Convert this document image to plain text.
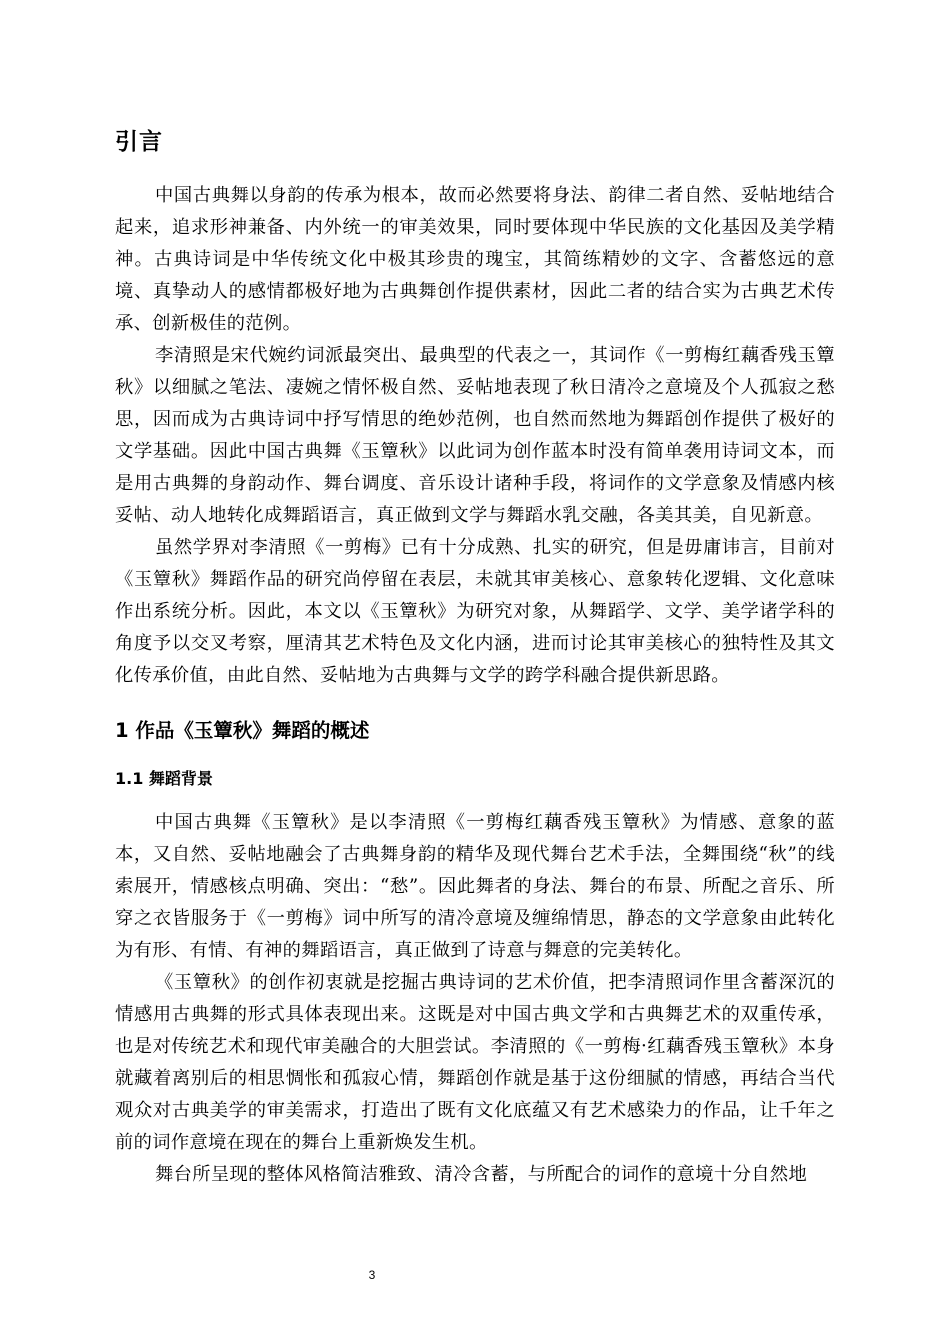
引言

中国古典舞以身韵的传承为根本，故而必然要将身法、韵律二者自然、妥帖地结合起来，追求形神兼备、内外统一的审美效果，同时要体现中华民族的文化基因及美学精神。古典诗词是中华传统文化中极其珍贵的瑰宝，其简练精妙的文字、含蓄悠远的意境、真挚动人的感情都极好地为古典舞创作提供素材，因此二者的结合实为古典艺术传承、创新极佳的范例。

李清照是宋代婉约词派最突出、最典型的代表之一，其词作《一剪梅红藕香残玉簟秋》以细腻之笔法、凄婉之情怀极自然、妥帖地表现了秋日清冷之意境及个人孤寂之愁思，因而成为古典诗词中抒写情思的绝妙范例，也自然而然地为舞蹈创作提供了极好的文学基础。因此中国古典舞《玉簟秋》以此词为创作蓝本时没有简单袭用诗词文本，而是用古典舞的身韵动作、舞台调度、音乐设计诸种手段，将词作的文学意象及情感内核妥帖、动人地转化成舞蹈语言，真正做到文学与舞蹈水乳交融，各美其美，自见新意。

虽然学界对李清照《一剪梅》已有十分成熟、扎实的研究，但是毋庸讳言，目前对《玉簟秋》舞蹈作品的研究尚停留在表层，未就其审美核心、意象转化逻辑、文化意味作出系统分析。因此，本文以《玉簟秋》为研究对象，从舞蹈学、文学、美学诸学科的角度予以交叉考察，厘清其艺术特色及文化内涵，进而讨论其审美核心的独特性及其文化传承价值，由此自然、妥帖地为古典舞与文学的跨学科融合提供新思路。

1 作品《玉簟秋》舞蹈的概述
1.1 舞蹈背景

中国古典舞《玉簟秋》是以李清照《一剪梅红藕香残玉簟秋》为情感、意象的蓝本，又自然、妥帖地融会了古典舞身韵的精华及现代舞台艺术手法，全舞围绕“秋”的线索展开，情感核点明确、突出：“愁”。因此舞者的身法、舞台的布景、所配之音乐、所穿之衣皆服务于《一剪梅》词中所写的清冷意境及缠绵情思，静态的文学意象由此转化为有形、有情、有神的舞蹈语言，真正做到了诗意与舞意的完美转化。

《玉簟秋》的创作初衷就是挖掘古典诗词的艺术价值，把李清照词作里含蓄深沉的情感用古典舞的形式具体表现出来。这既是对中国古典文学和古典舞艺术的双重传承，也是对传统艺术和现代审美融合的大胆尝试。李清照的《一剪梅·红藕香残玉簟秋》本身就藏着离别后的相思惆怅和孤寂心情，舞蹈创作就是基于这份细腻的情感，再结合当代观众对古典美学的审美需求，打造出了既有文化底蕴又有艺术感染力的作品，让千年之前的词作意境在现在的舞台上重新焕发生机。

舞台所呈现的整体风格简洁雅致、清冷含蓄，与所配合的词作的意境十分自然地

3
